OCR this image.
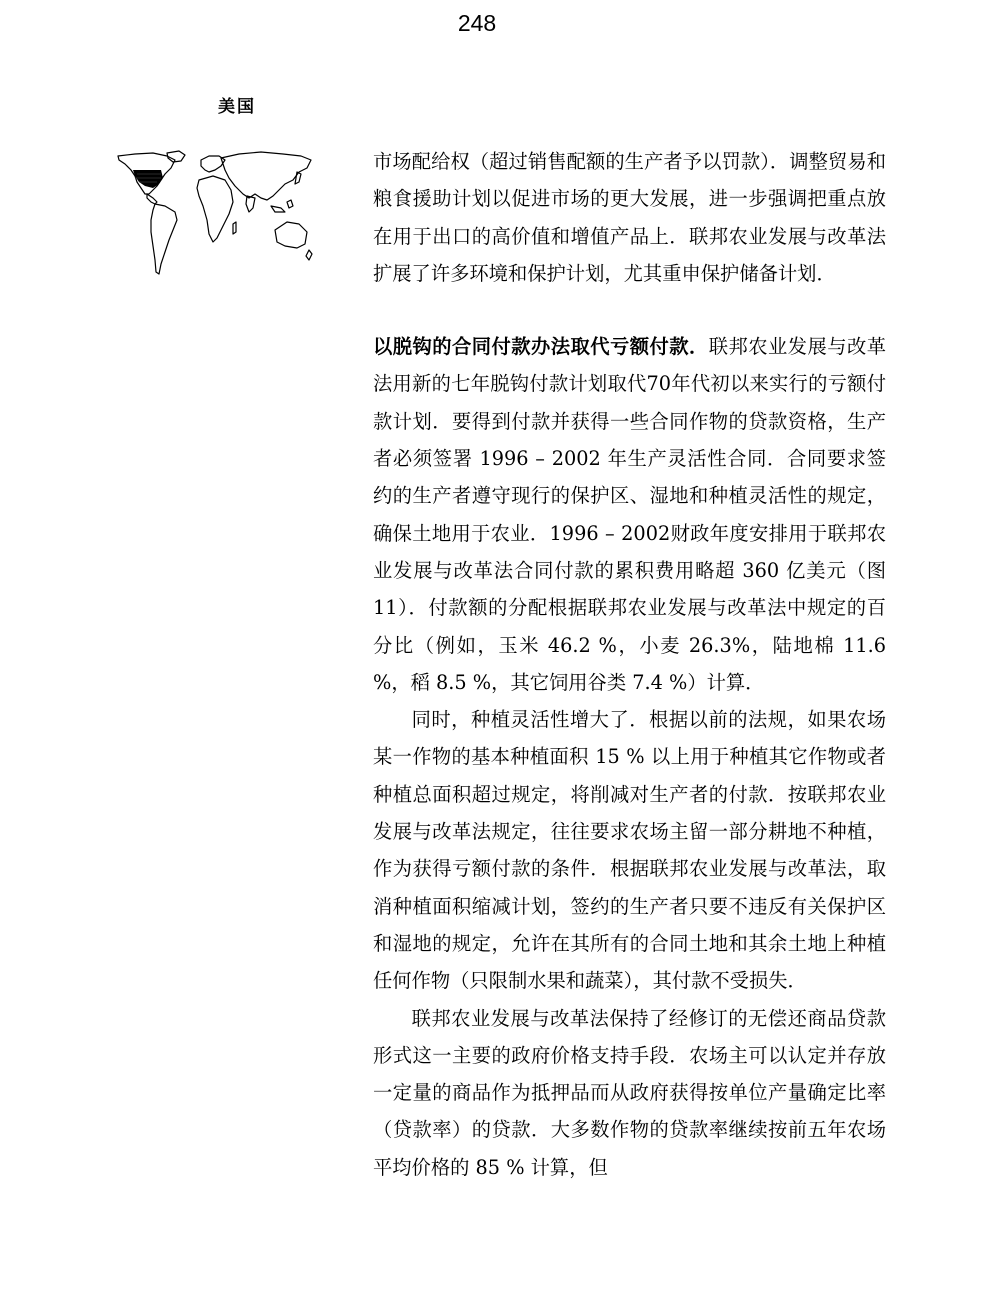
248
美国

市场配给权（超过销售配额的生产者予以罚款）．调整贸易和粮食援助计划以促进市场的更大发展，进一步强调把重点放在用于出口的高价值和增值产品上．联邦农业发展与改革法扩展了许多环境和保护计划，尤其重申保护储备计划．

以脱钩的合同付款办法取代亏额付款．联邦农业发展与改革法用新的七年脱钩付款计划取代70年代初以来实行的亏额付款计划．要得到付款并获得一些合同作物的贷款资格，生产者必须签署 1996 – 2002 年生产灵活性合同．合同要求签约的生产者遵守现行的保护区、湿地和种植灵活性的规定，确保土地用于农业．1996 – 2002财政年度安排用于联邦农业发展与改革法合同付款的累积费用略超 360 亿美元（图 11）．付款额的分配根据联邦农业发展与改革法中规定的百分比（例如，玉米 46.2 %，小麦 26.3%，陆地棉 11.6 %，稻 8.5 %，其它饲用谷类 7.4 %）计算．

同时，种植灵活性增大了．根据以前的法规，如果农场某一作物的基本种植面积 15 % 以上用于种植其它作物或者种植总面积超过规定，将削减对生产者的付款．按联邦农业发展与改革法规定，往往要求农场主留一部分耕地不种植，作为获得亏额付款的条件．根据联邦农业发展与改革法，取消种植面积缩减计划，签约的生产者只要不违反有关保护区和湿地的规定，允许在其所有的合同土地和其余土地上种植任何作物（只限制水果和蔬菜），其付款不受损失．

联邦农业发展与改革法保持了经修订的无偿还商品贷款形式这一主要的政府价格支持手段．农场主可以认定并存放一定量的商品作为抵押品而从政府获得按单位产量确定比率（贷款率）的贷款．大多数作物的贷款率继续按前五年农场平均价格的 85 % 计算，但
